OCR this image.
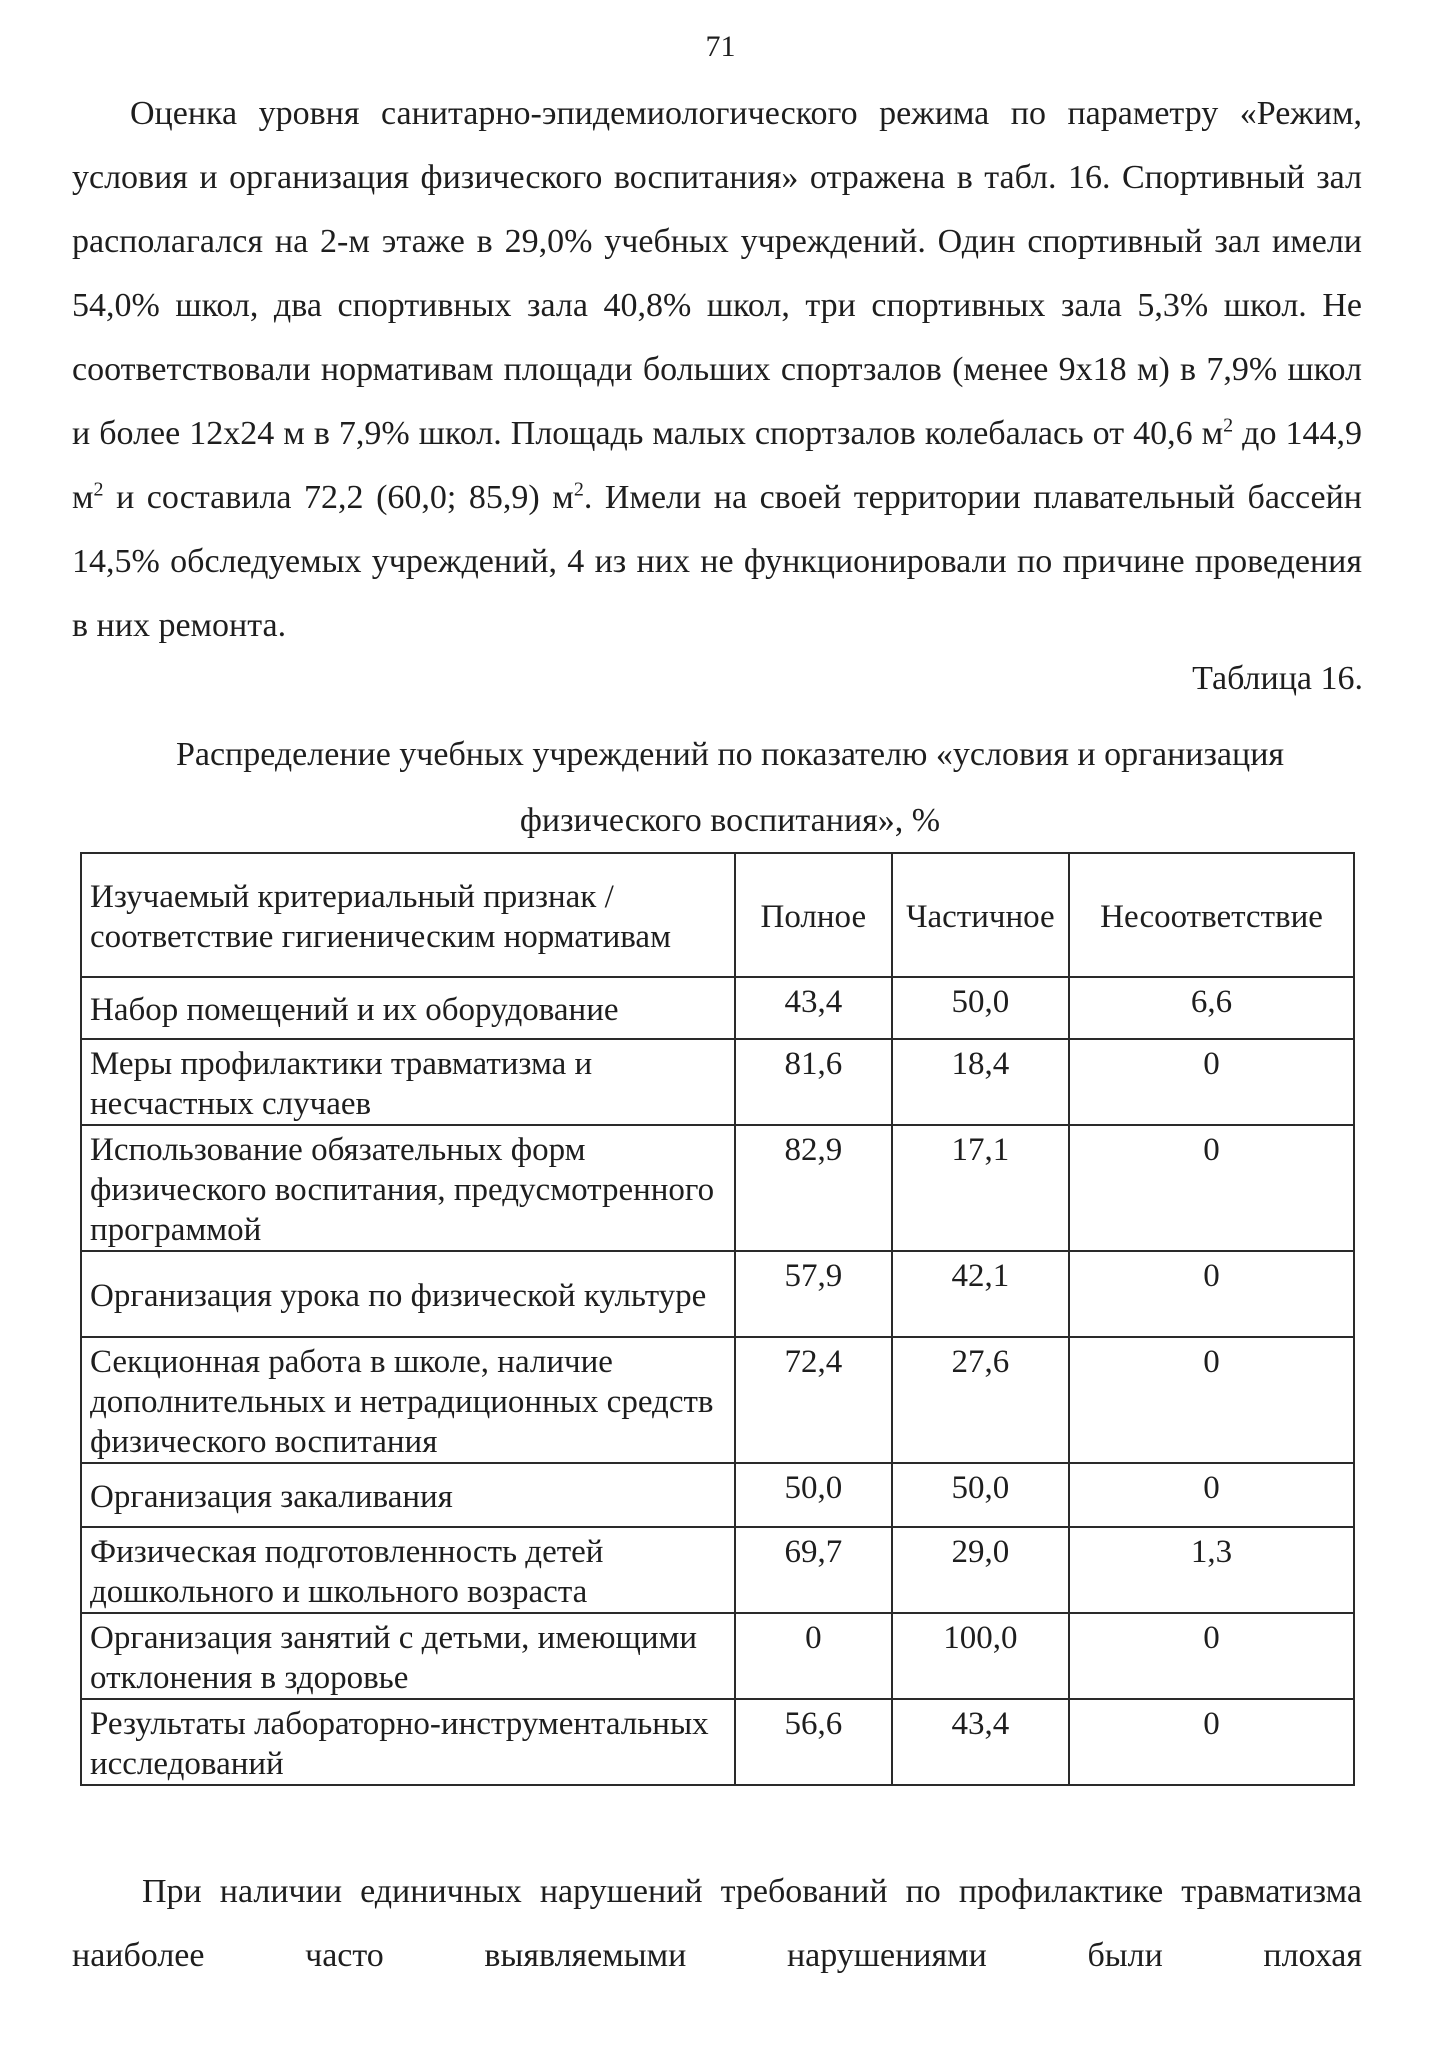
71

Оценка уровня санитарно-эпидемиологического режима по параметру «Режим, условия и организация физического воспитания» отражена в табл. 16. Спортивный зал располагался на 2-м этаже в 29,0% учебных учреждений. Один спортивный зал имели 54,0% школ, два спортивных зала 40,8% школ, три спортивных зала 5,3% школ. Не соответствовали нормативам площади больших спортзалов (менее 9х18 м) в 7,9% школ и более 12х24 м в 7,9% школ. Площадь малых спортзалов колебалась от 40,6 $м^2$ до 144,9 $м^2$ и составила 72,2 (60,0; 85,9) $м^2$. Имели на своей территории плавательный бассейн 14,5% обследуемых учреждений, 4 из них не функционировали по причине проведения в них ремонта.

Таблица 16.
Распределение учебных учреждений по показателю «условия и организация
физического воспитания», %
Изучаемый критериальный признак / соответствие гигиеническим нормативам	Полное	Частичное	Несоответствие
Набор помещений и их оборудование	43,4	50,0	6,6
Меры профилактики травматизма и несчастных случаев	81,6	18,4	0
Использование обязательных форм физического воспитания, предусмотренного программой	82,9	17,1	0
Организация урока по физической культуре	57,9	42,1	0
Секционная работа в школе, наличие дополнительных и нетрадиционных средств физического воспитания	72,4	27,6	0
Организация закаливания	50,0	50,0	0
Физическая подготовленность детей дошкольного и школьного возраста	69,7	29,0	1,3
Организация занятий с детьми, имеющими отклонения в здоровье	0	100,0	0
Результаты лабораторно-инструментальных исследований	56,6	43,4	0

При наличии единичных нарушений требований по профилактике травматизма наиболее часто выявляемыми нарушениями были плохая
